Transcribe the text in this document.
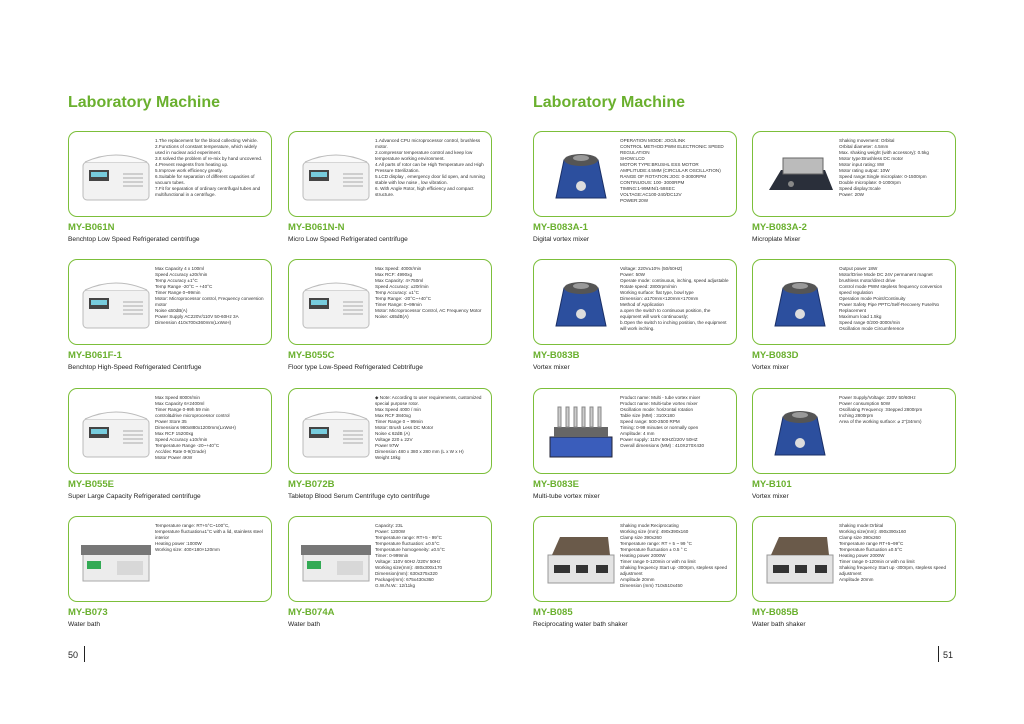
Laboratory Machine
50
Laboratory Machine
51
1.The replacement for the blood collecting Vehicle.
2.Functions of constant temperature, which widely used in nuclear acid experiment.
3.It solved the problem of re-mix by hand uncovered.
4.Prevent reagents from heating up.
5.Improve work efficiency greatly.
6.Suitable for separation of different capacities of vacuum tubes.
7.Fit for separation of ordinary centrifugal tubes and multifunctional in a centrifuge.
MY-B061N
Benchtop Low Speed Refrigerated centrifuge
1.Advanced CPU microprocessor control, brushless motor.
2.compressor temperature control and keep low temperature working environment.
4.All parts of rotor can be High Temperature and High Pressure Sterilization.
5.LCD display , emergency door lid open, and running stable with low noise , low vibration.
6. With Angle Rotor, high efficiency and compact structure.
MY-B061N-N
Micro Low Speed Refrigerated centrifuge
OPERATION MODE: JOG/LINK
CONTROL METHOD:PWM ELECTRONIC SPEED REGULATION
SHOW:LCD
MOTOR TYPE:BRUSHL ESS MOTOR
AMPLITUDE:4.5MM (CIRCULAR OSCILLATION)
RANGE OF ROTATION:JOG: 0-3000RPM
CONTINUOUS: 100- 3000RPM
TIMING:1-99MIN/1-59SEC
VOLTAGE:AC100-240/DC12V
POWER:20W
MY-B083A-1
Digital vortex mixer
Shaking movement: Orbital
Orbital diameter: 4.5mm
Max. shaking weight (with accessory): 0.5kg
Motor type:Brushless DC motor
Motor input rating: 8W
Motor rating output: 10W
Speed range:Single microplate: 0-1500rpm
Double microplate: 0-1000rpm
Speed display:Scale
Power: 20W
MY-B083A-2
Microplate Mixer
Max Capacity 4 x 100ml
Speed Accuracy ±20r/min
Temp Accuracy ±1°C
Temp Range -20°C ~ +40°C
Timer Range 0~99min
Motor: Microprocessor control, Frequency conversion motor
Noise ≤60dB(A)
Power Supply AC220V/110V 50-60Hz 3A
Dimension 410x700x360mm(LxWxH)
MY-B061F-1
Benchtop High-Speed Refrigerated Centrfuge
Max Speed: 4000r/min
Max RCF: 4990xg
Max Capacity: 4×750ml
Speed Accuracy: ±20r/min
Temp Accuracy: ±1°C
Temp Range: -20°C~+40°C
Timer Range: 0~99min
Motor: Microprocessor Control, AC Frequency Motor
Noise: ≤65dB(A)
MY-B055C
Floor type Low-Speed Refrigerated Cebtrifuge
Voltage: 220V±10% (50/60HZ)
Power: 50W
Operate mode: continuous, inching, speed adjustable
Rotate speed: 2800rpm/min
Working surface: flat type, bowl type
Dimension: ø170mm×120mm×170mm
Method of Application
a.open the switch to continuous position, the equipment will work continuously;
b.Open the switch to inching position, the equipment will work inching.
MY-B083B
Vortex mixer
Output power 18W
Motor/Drive Mode DC 24V permanent magnet brushless motor/direct drive
Control mode PWM stepless frequency conversion speed regulation
Operation mode Point/Continuity
Power Safety Pipe PPTC/Self-Recovery Fuse/No Replacement
Maximum load 1.5kg
Speed range 0/200-3000r/min
Oscillation mode Circumference
MY-B083D
Vortex mixer
Max Speed 8000r/min
Max Capacity 6×2400ml
Timer Range 0-99h 59 min
control&drive microprocessor control
Power Store 35
Dimensions 980x880x1200mm(LxWxH)
Max RCF 15200xg
Speed Accuracy ±10r/min
Temperature Range -20~+40°C
Acc/dec Rate 0-9(Grade)
Motor Power 4KW
MY-B055E
Super Large Capacity Refrigerated centrifuge
◆ Note: According to user requirements, customized special purpose rotor.
Max Speed 4000 / min
Max RCF 3840xg
Timer Range 0 ~ 99min
Motor: Brush Less DC Motor
Noise ≤ 62dB (A)
Voltage 220 ± 22V
Power 97W
Dimension 480 x 380 x 280 mm (L x W x H)
Weight 18kg
MY-B072B
Tabletop Blood Serum Centrifuge cyto centrifuge
Product name: Multi - tube vortex mixer
Product name: Multi-tube vortex mixer
Oscillation mode: horizontal rotation
Table size (MM) : 310X180
Speed range: 500-2500 RPM
Timing: 0-99 minutes or normally open
Amplitude: 4 mm
Power supply: 110V 60HZ/220V 50HZ
Overall dimensions (MM) : 410X270X430
MY-B083E
Multi-tube vortex mixer
Power Supply/Voltage: 220V 50/60Hz
Power consumption 50W
Oscillating Frequency :Stepped 2800rpm
Inching 2800rpm
Area of the working surface: ⌀ 2"(34mm)
MY-B101
Vortex mixer
Temperature range: RT+5°C~100°C,
temperature fluctuation±1°C with a lid, stainless steel interior
Heating power :1000W
Working size: 400×180×120mm
MY-B073
Water bath
Capacity: 23L
Power: 1200W
Temperature range: RT+5 - 99°C
Temperature fluctuation: ±0.5°C
Temperature homogeneity: ±0.5°C
Timer: 0-999min
Voltage: 110V 60Hz /220V 50Hz
Working size(mm): 480x300x170
Dimension(mm): 630x375x320
Package(mm): 675x430x360
G.W./N.W.: 12/11kg
MY-B074A
Water bath
Shaking mode:Reciprocating
Working size (mm): 490x390x160
Clamp size 390x260
Temperature range: RT + 5 ~ 99 °C
Temperature fluctuation ± 0.5 ° C
Heating power 2000W
Timer range 0-120min or with no limit
Shaking frequency Start up -300rpm, stepless speed adjustment
Amplitude 20mm
Dimension (mm) 710x510x450
MY-B085
Reciprocating water bath shaker
Shaking mode:Orbital
Working size(mm): 490x390x160
Clamp size 390x260
Temperature range RT+5~99°C
Temperature fluctuation ±0.5°C
Heating power 2000W
Timer range 0-120min or with no limit
Shaking frequency Start up -300rpm, stepless speed adjustment
Amplitude 20mm
MY-B085B
Water bath shaker
